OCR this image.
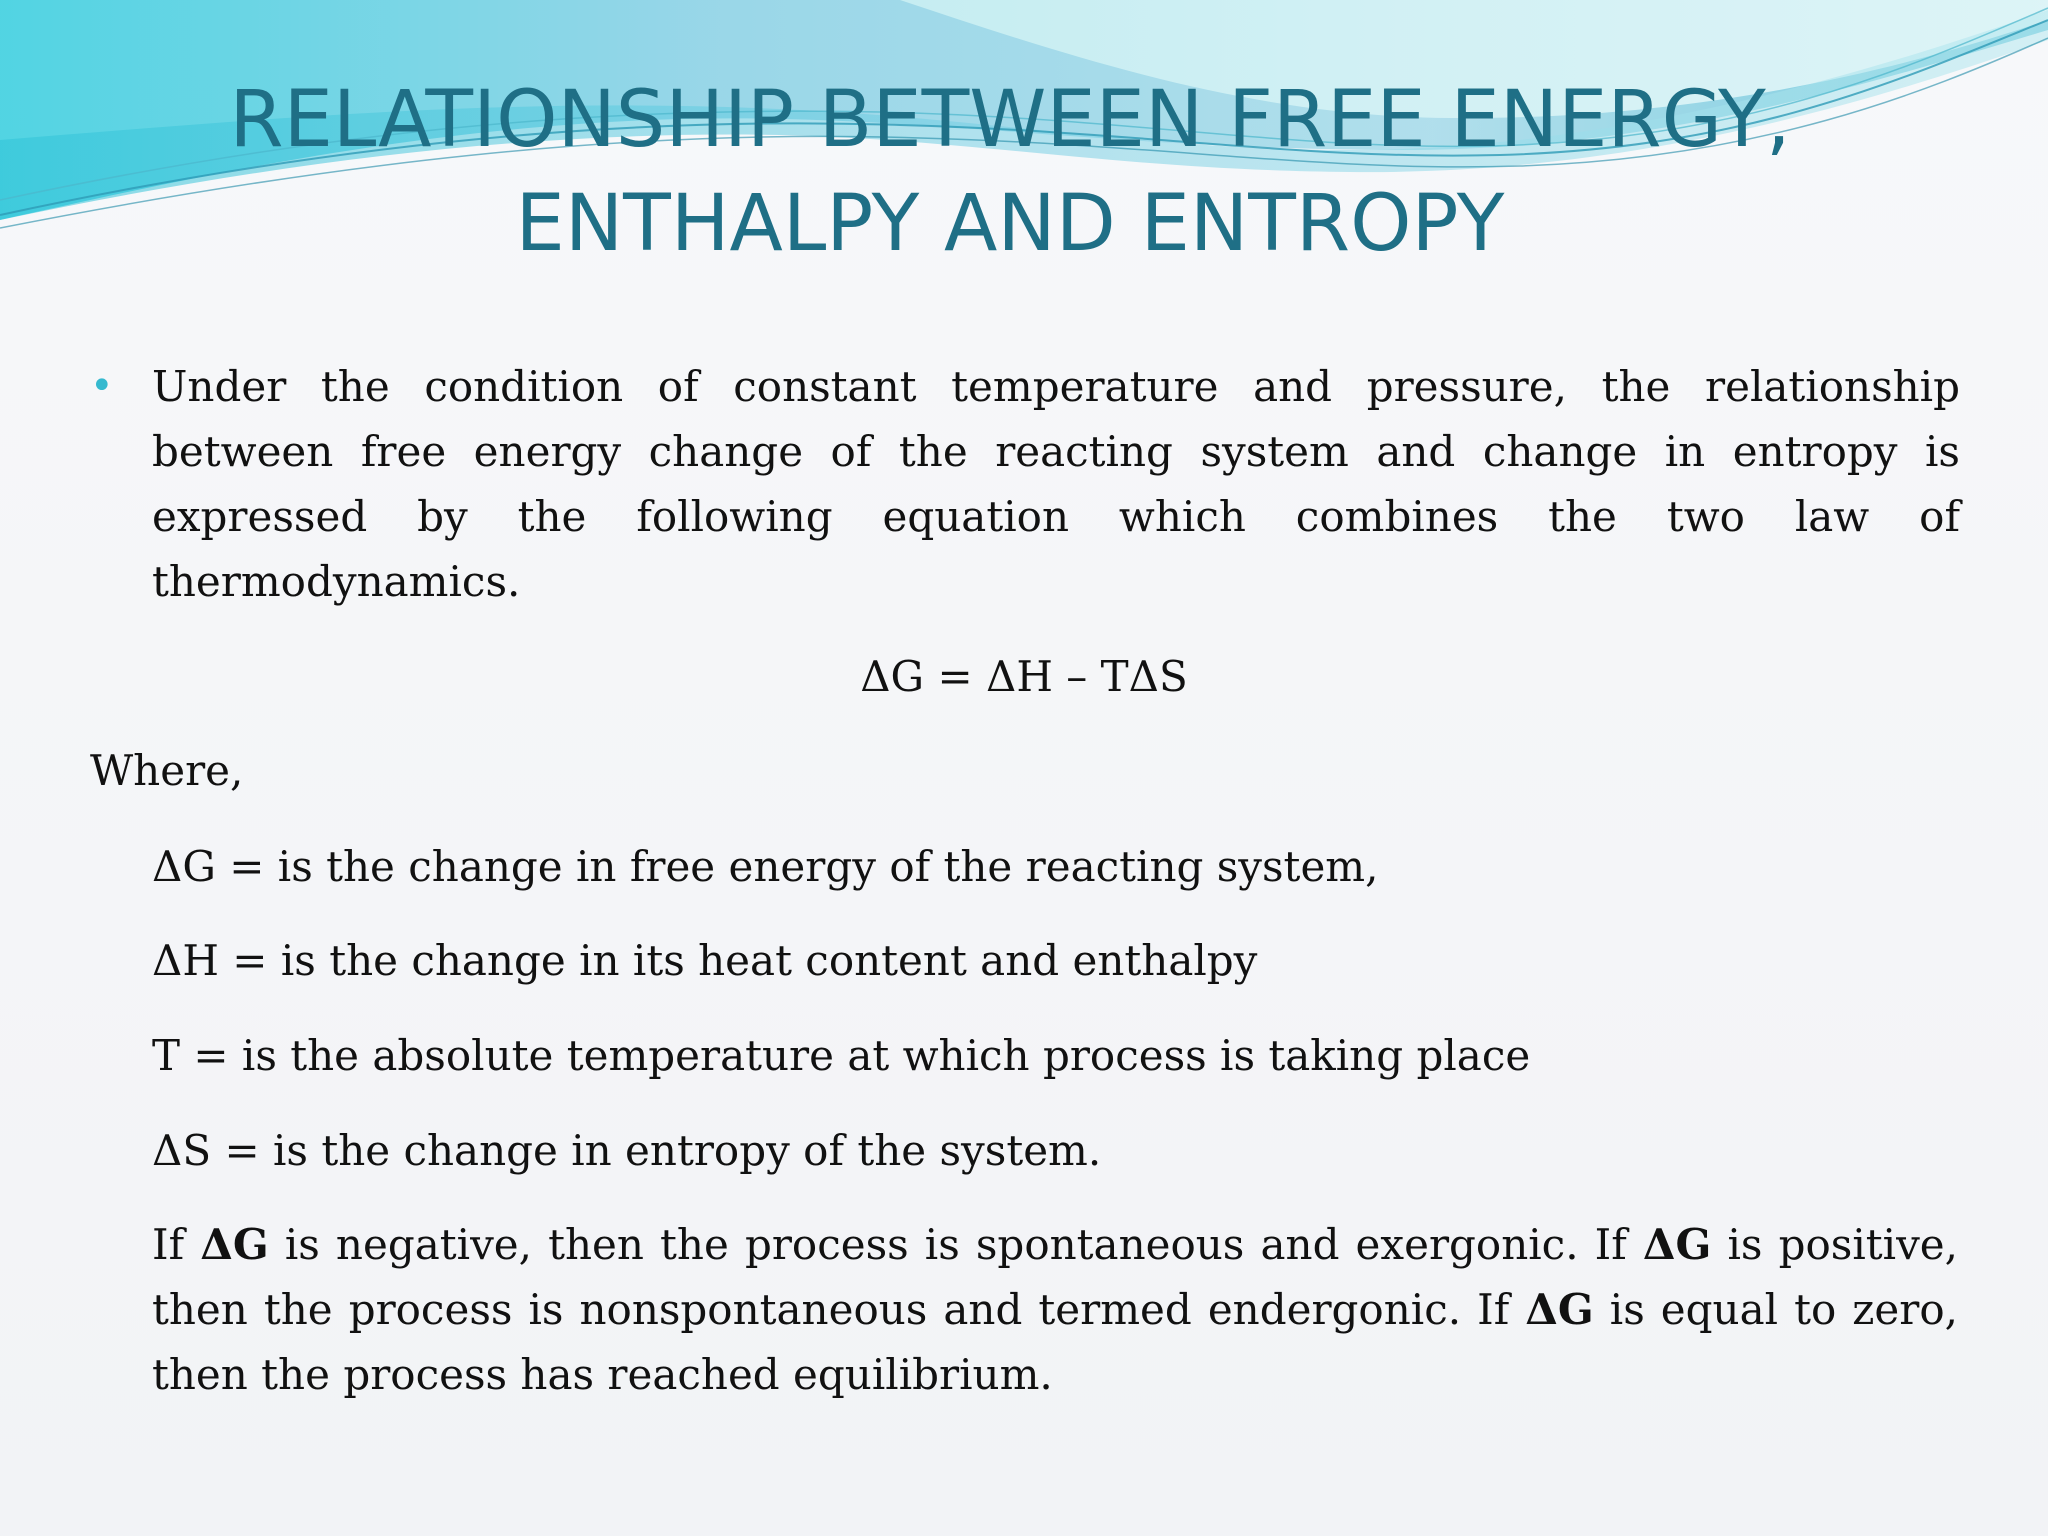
RELATIONSHIP BETWEEN FREE ENERGY,
ENTHALPY AND ENTROPY
• Under the condition of constant temperature and pressure, the relationship between free energy change of the reacting system and change in entropy is expressed by the following equation which combines the two law of thermodynamics.

ΔG = ΔH – TΔS
Where,
ΔG = is the change in free energy of the reacting system,
ΔH = is the change in its heat content and enthalpy
T = is the absolute temperature at which process is taking place
ΔS = is the change in entropy of the system.

If ΔG is negative, then the process is spontaneous and exergonic. If ΔG is positive, then the process is nonspontaneous and termed endergonic. If ΔG is equal to zero, then the process has reached equilibrium.
